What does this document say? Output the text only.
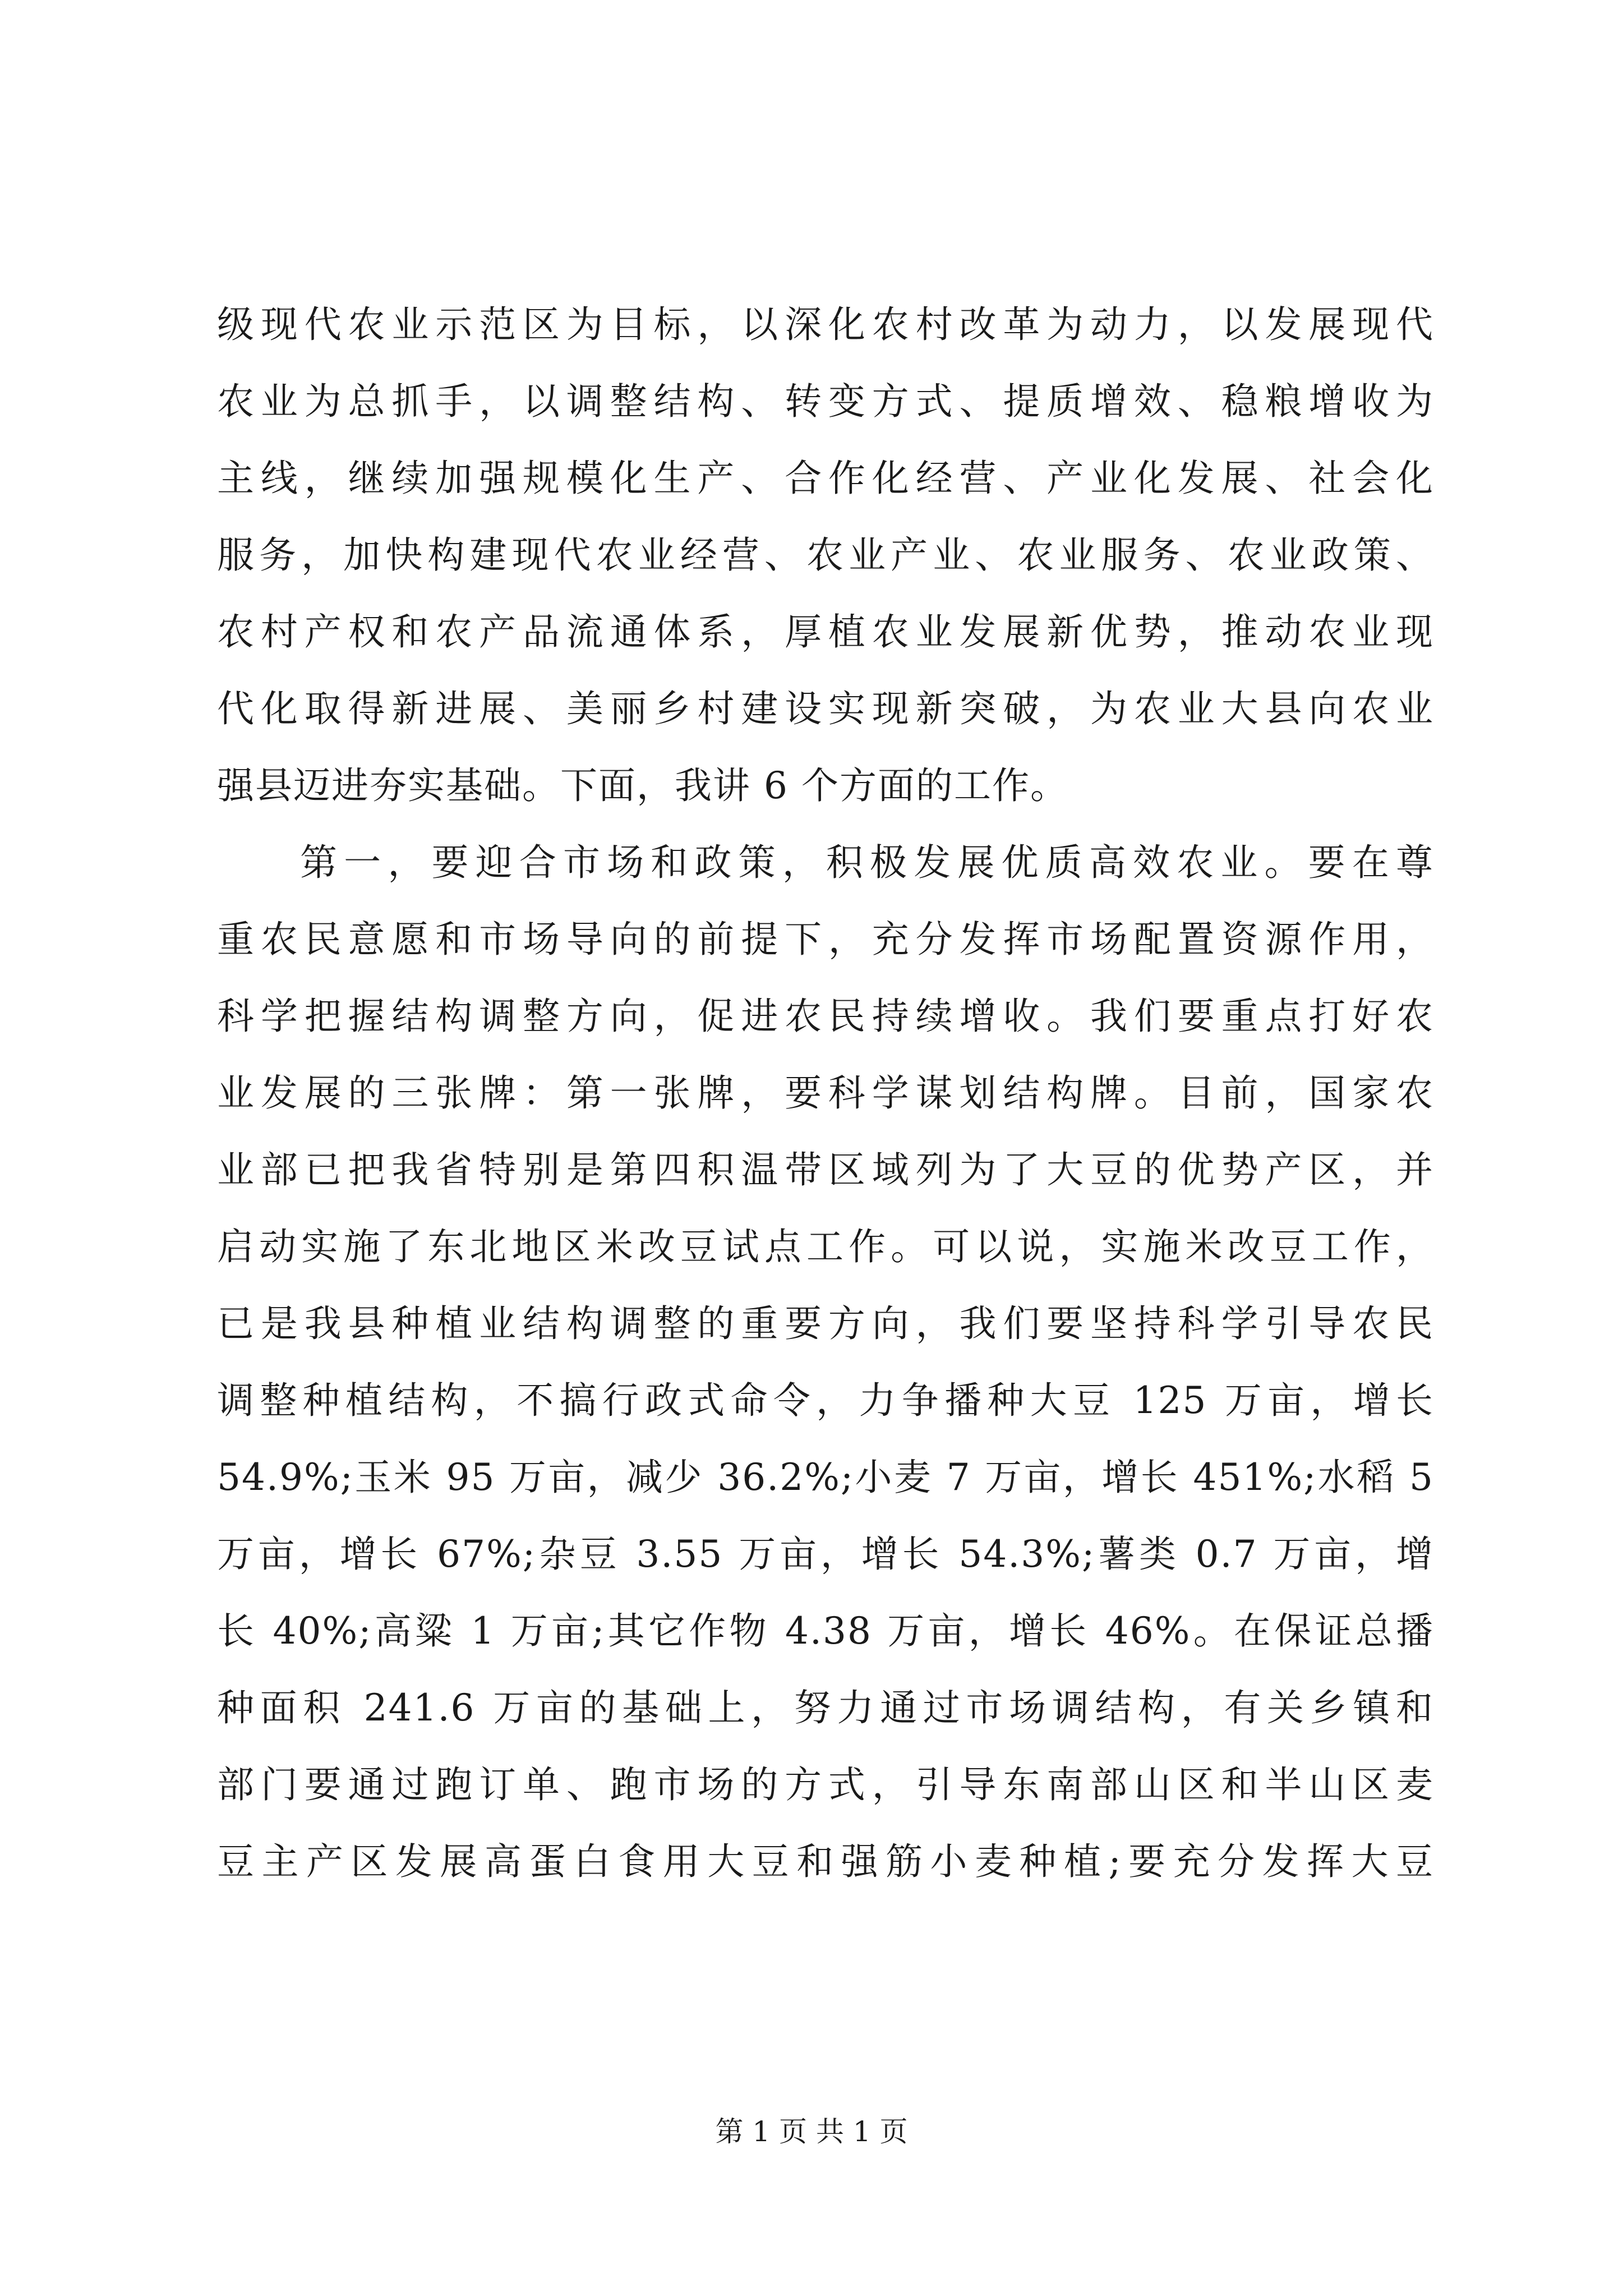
级现代农业示范区为目标，以深化农村改革为动力，以发展现代
农业为总抓手，以调整结构、转变方式、提质增效、稳粮增收为
主线，继续加强规模化生产、合作化经营、产业化发展、社会化
服务，加快构建现代农业经营、农业产业、农业服务、农业政策、
农村产权和农产品流通体系，厚植农业发展新优势，推动农业现
代化取得新进展、美丽乡村建设实现新突破，为农业大县向农业
强县迈进夯实基础。下面，我讲 6 个方面的工作。
第一，要迎合市场和政策，积极发展优质高效农业。要在尊
重农民意愿和市场导向的前提下，充分发挥市场配置资源作用，
科学把握结构调整方向，促进农民持续增收。我们要重点打好农
业发展的三张牌：第一张牌，要科学谋划结构牌。目前，国家农
业部已把我省特别是第四积温带区域列为了大豆的优势产区，并
启动实施了东北地区米改豆试点工作。可以说，实施米改豆工作，
已是我县种植业结构调整的重要方向，我们要坚持科学引导农民
调整种植结构，不搞行政式命令，力争播种大豆 125 万亩，增长
54.9%;玉米 95 万亩，减少 36.2%;小麦 7 万亩，增长 451%;水稻 5
万亩，增长 67%;杂豆 3.55 万亩，增长 54.3%;薯类 0.7 万亩，增
长 40%;高粱 1 万亩;其它作物 4.38 万亩，增长 46%。在保证总播
种面积 241.6 万亩的基础上，努力通过市场调结构，有关乡镇和
部门要通过跑订单、跑市场的方式，引导东南部山区和半山区麦
豆主产区发展高蛋白食用大豆和强筋小麦种植;要充分发挥大豆
第 1 页 共 1 页
